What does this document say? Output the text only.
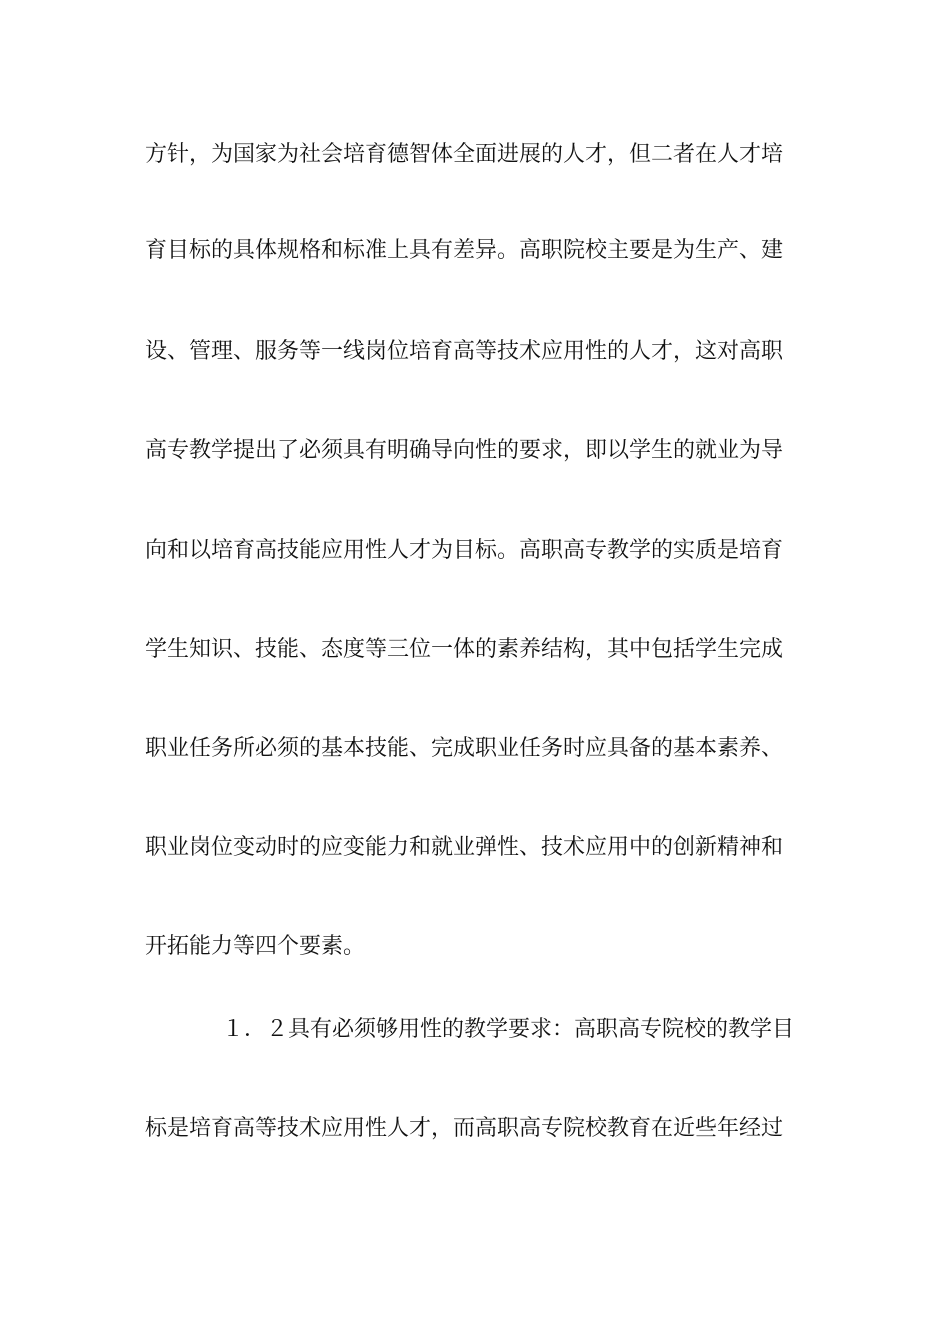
方针，为国家为社会培育德智体全面进展的人才，但二者在人才培
育目标的具体规格和标准上具有差异。高职院校主要是为生产、建
设、管理、服务等一线岗位培育高等技术应用性的人才，这对高职
高专教学提出了必须具有明确导向性的要求，即以学生的就业为导
向和以培育高技能应用性人才为目标。高职高专教学的实质是培育
学生知识、技能、态度等三位一体的素养结构，其中包括学生完成
职业任务所必须的基本技能、完成职业任务时应具备的基本素养、
职业岗位变动时的应变能力和就业弹性、技术应用中的创新精神和
开拓能力等四个要素。
１．２具有必须够用性的教学要求：高职高专院校的教学目
标是培育高等技术应用性人才，而高职高专院校教育在近些年经过
